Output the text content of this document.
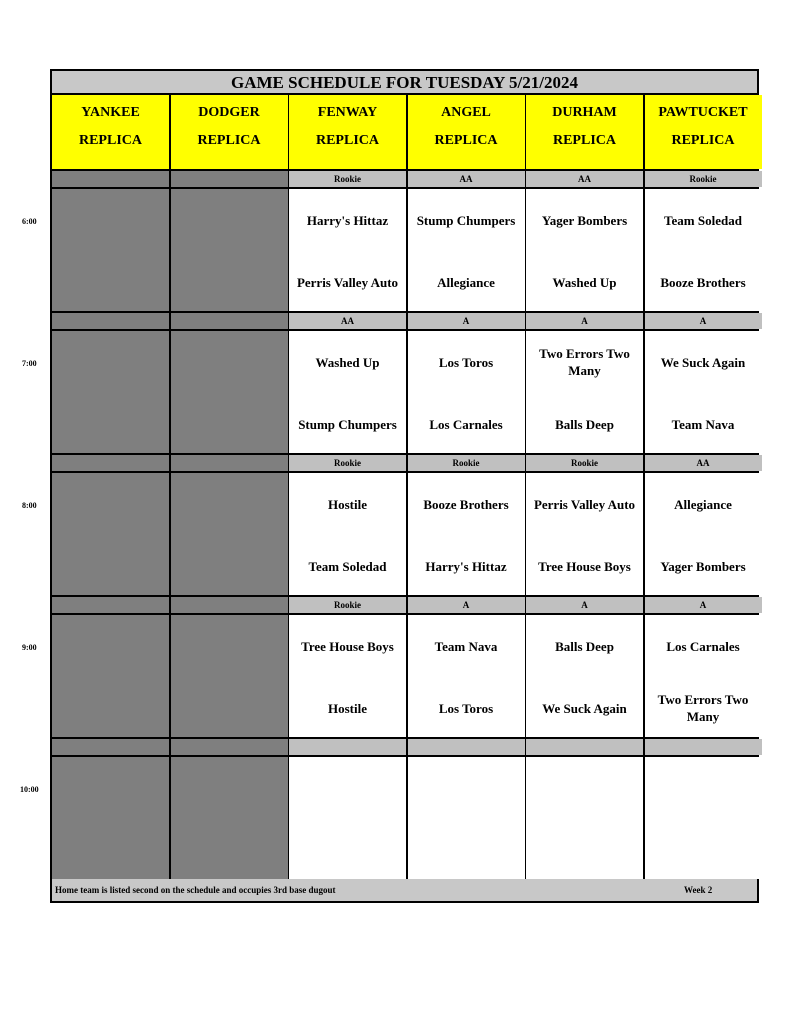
6:00
7:00
8:00
9:00
10:00
GAME SCHEDULE FOR TUESDAY 5/21/2024
YANKEE
REPLICA
DODGER
REPLICA
FENWAY
REPLICA
Rookie
Harry's Hittaz
Perris Valley Auto
AA
Washed Up
Stump Chumpers
Rookie
Hostile
Team Soledad
Rookie
Tree House Boys
Hostile
ANGEL
REPLICA
AA
Stump Chumpers
Allegiance
A
Los Toros
Los Carnales
Rookie
Booze Brothers
Harry's Hittaz
A
Team Nava
Los Toros
DURHAM
REPLICA
AA
Yager Bombers
Washed Up
A
Two Errors Two Many
Balls Deep
Rookie
Perris Valley Auto
Tree House Boys
A
Balls Deep
We Suck Again
PAWTUCKET
REPLICA
Rookie
Team Soledad
Booze Brothers
A
We Suck Again
Team Nava
AA
Allegiance
Yager Bombers
A
Los Carnales
Two Errors Two Many
Home team is listed second on the schedule and occupies 3rd base dugout	Week 2
